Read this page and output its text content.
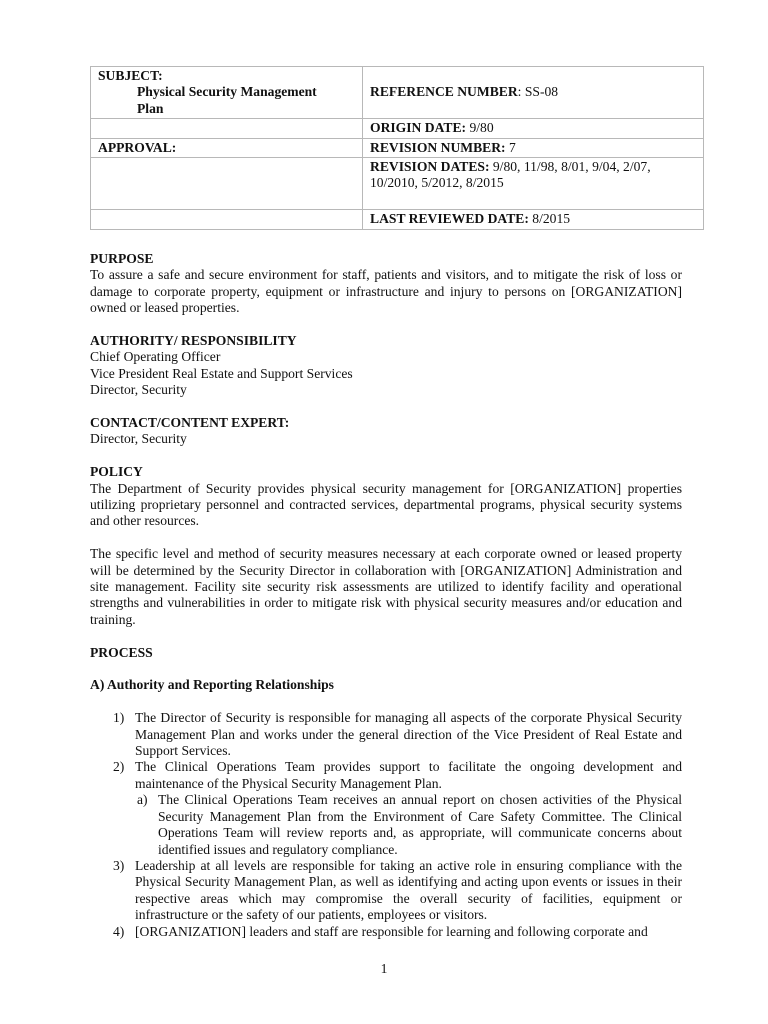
SUBJECT:
Physical Security Management
Plan	REFERENCE NUMBER: SS-08
	ORIGIN DATE: 9/80
APPROVAL:	REVISION NUMBER: 7
	REVISION DATES: 9/80, 11/98, 8/01, 9/04, 2/07,
10/2010, 5/2012, 8/2015
	LAST REVIEWED DATE: 8/2015
PURPOSE

To assure a safe and secure environment for staff, patients and visitors, and to mitigate the risk of loss or damage to corporate property, equipment or infrastructure and injury to persons on [ORGANIZATION] owned or leased properties.

AUTHORITY/ RESPONSIBILITY
Chief Operating Officer
Vice President Real Estate and Support Services
Director, Security
CONTACT/CONTENT EXPERT:
Director, Security
POLICY

The Department of Security provides physical security management for [ORGANIZATION] properties utilizing proprietary personnel and contracted services, departmental programs, physical security systems and other resources.

The specific level and method of security measures necessary at each corporate owned or leased property will be determined by the Security Director in collaboration with [ORGANIZATION] Administration and site management. Facility site security risk assessments are utilized to identify facility and operational strengths and vulnerabilities in order to mitigate risk with physical security measures and/or education and training.

PROCESS
A) Authority and Reporting Relationships
1) The Director of Security is responsible for managing all aspects of the corporate Physical Security Management Plan and works under the general direction of the Vice President of Real Estate and Support Services.
2) The Clinical Operations Team provides support to facilitate the ongoing development and maintenance of the Physical Security Management Plan.
a) The Clinical Operations Team receives an annual report on chosen activities of the Physical Security Management Plan from the Environment of Care Safety Committee. The Clinical Operations Team will review reports and, as appropriate, will communicate concerns about identified issues and regulatory compliance.
3) Leadership at all levels are responsible for taking an active role in ensuring compliance with the Physical Security Management Plan, as well as identifying and acting upon events or issues in their respective areas which may compromise the overall security of facilities, equipment or infrastructure or the safety of our patients, employees or visitors.
4) [ORGANIZATION] leaders and staff are responsible for learning and following corporate and
1
